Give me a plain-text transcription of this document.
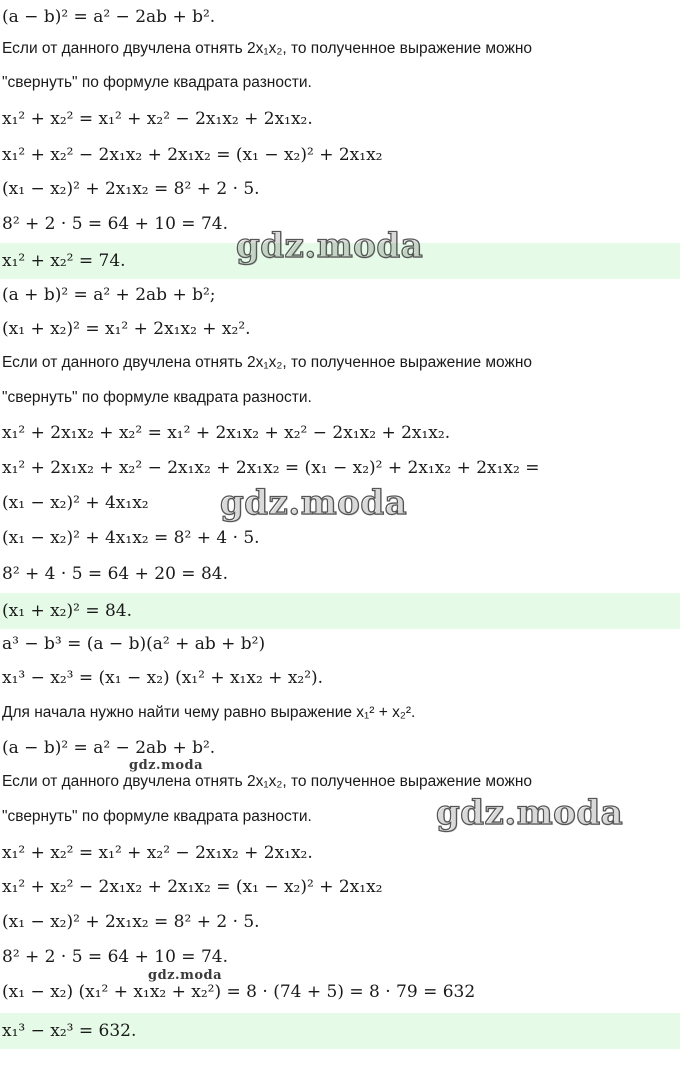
(a − b)² = a² − 2ab + b².
Если от данного двучлена отнять 2x₁x₂, то полученное выражение можно
"свернуть" по формуле квадрата разности.
x₁² + x₂² = x₁² + x₂² − 2x₁x₂ + 2x₁x₂.
x₁² + x₂² − 2x₁x₂ + 2x₁x₂ = (x₁ − x₂)² + 2x₁x₂
(x₁ − x₂)² + 2x₁x₂ = 8² + 2 · 5.
8² + 2 · 5 = 64 + 10 = 74.
x₁² + x₂² = 74.
(a + b)² = a² + 2ab + b²;
(x₁ + x₂)² = x₁² + 2x₁x₂ + x₂².
Если от данного двучлена отнять 2x₁x₂, то полученное выражение можно
"свернуть" по формуле квадрата разности.
x₁² + 2x₁x₂ + x₂² = x₁² + 2x₁x₂ + x₂² − 2x₁x₂ + 2x₁x₂.
x₁² + 2x₁x₂ + x₂² − 2x₁x₂ + 2x₁x₂ = (x₁ − x₂)² + 2x₁x₂ + 2x₁x₂ =
(x₁ − x₂)² + 4x₁x₂
(x₁ − x₂)² + 4x₁x₂ = 8² + 4 · 5.
8² + 4 · 5 = 64 + 20 = 84.
(x₁ + x₂)² = 84.
a³ − b³ = (a − b)(a² + ab + b²)
x₁³ − x₂³ = (x₁ − x₂) (x₁² + x₁x₂ + x₂²).
Для начала нужно найти чему равно выражение x₁² + x₂².
(a − b)² = a² − 2ab + b².
Если от данного двучлена отнять 2x₁x₂, то полученное выражение можно
"свернуть" по формуле квадрата разности.
x₁² + x₂² = x₁² + x₂² − 2x₁x₂ + 2x₁x₂.
x₁² + x₂² − 2x₁x₂ + 2x₁x₂ = (x₁ − x₂)² + 2x₁x₂
(x₁ − x₂)² + 2x₁x₂ = 8² + 2 · 5.
8² + 2 · 5 = 64 + 10 = 74.
(x₁ − x₂) (x₁² + x₁x₂ + x₂²) = 8 · (74 + 5) = 8 · 79 = 632
x₁³ − x₂³ = 632.
gdz.moda
gdz.moda
gdz.moda
gdz.moda
gdz.moda
